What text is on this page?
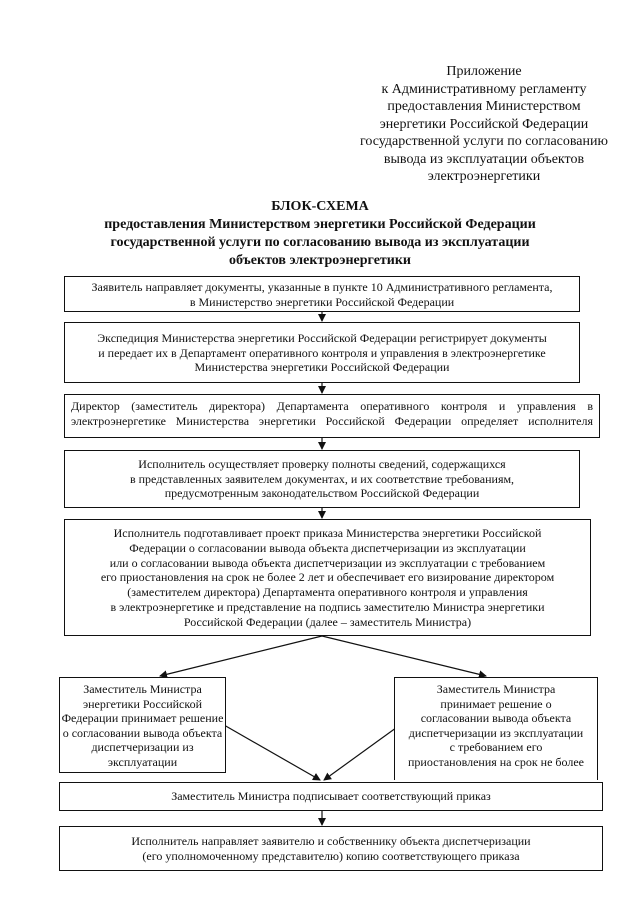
Приложение
к Административному регламенту
предоставления Министерством
энергетики Российской Федерации
государственной услуги по согласованию
вывода из эксплуатации объектов
электроэнергетики
БЛОК-СХЕМА
предоставления Министерством энергетики Российской Федерации
государственной услуги по согласованию вывода из эксплуатации
объектов электроэнергетики
Заявитель направляет документы, указанные в пункте 10 Административного регламента,
в Министерство энергетики Российской Федерации
Экспедиция Министерства энергетики Российской Федерации регистрирует документы
и передает их в Департамент оперативного контроля и управления в электроэнергетике
Министерства энергетики Российской Федерации
Директор (заместитель директора) Департамента оперативного контроля и управления в
электроэнергетике Министерства энергетики Российской Федерации определяет исполнителя
Исполнитель осуществляет проверку полноты сведений, содержащихся
в представленных заявителем документах, и их соответствие требованиям,
предусмотренным законодательством Российской Федерации
Исполнитель подготавливает проект приказа Министерства энергетики Российской
Федерации о согласовании вывода объекта диспетчеризации из эксплуатации
или о согласовании вывода объекта диспетчеризации из эксплуатации с требованием
его приостановления на срок не более 2 лет и обеспечивает его визирование директором
(заместителем директора) Департамента оперативного контроля и управления
в электроэнергетике и представление на подпись заместителю Министра энергетики
Российской Федерации (далее – заместитель Министра)
Заместитель Министра
энергетики Российской
Федерации принимает решение
о согласовании вывода объекта
диспетчеризации из
эксплуатации
Заместитель Министра
принимает решение о
согласовании вывода объекта
диспетчеризации из эксплуатации
с требованием его
приостановления на срок не более
Заместитель Министра подписывает соответствующий приказ
Исполнитель направляет заявителю и собственнику объекта диспетчеризации
(его уполномоченному представителю) копию соответствующего приказа
